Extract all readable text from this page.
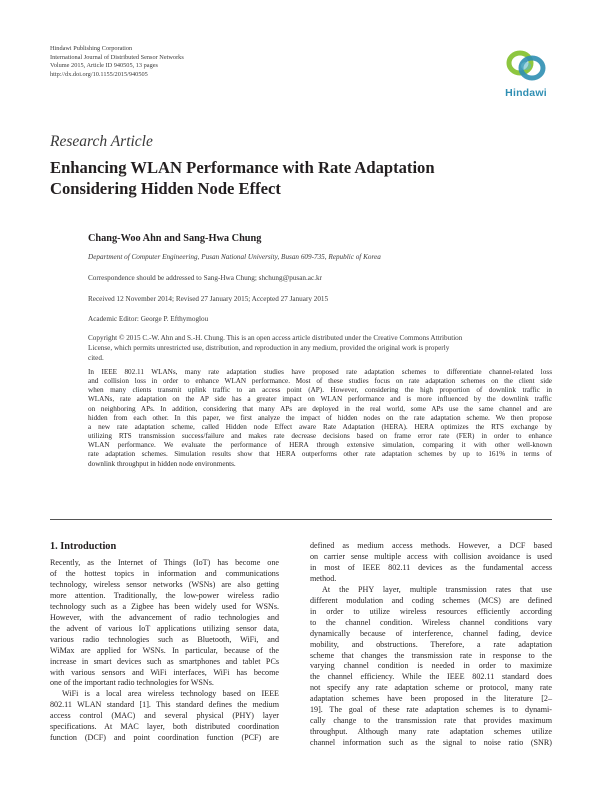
Hindawi Publishing Corporation
International Journal of Distributed Sensor Networks
Volume 2015, Article ID 940505, 13 pages
http://dx.doi.org/10.1155/2015/940505
Hindawi
Research Article
Enhancing WLAN Performance with Rate Adaptation
Considering Hidden Node Effect
Chang-Woo Ahn and Sang-Hwa Chung
Department of Computer Engineering, Pusan National University, Busan 609-735, Republic of Korea
Correspondence should be addressed to Sang-Hwa Chung; shchung@pusan.ac.kr
Received 12 November 2014; Revised 27 January 2015; Accepted 27 January 2015
Academic Editor: George P. Efthymoglou
Copyright © 2015 C.-W. Ahn and S.-H. Chung. This is an open access article distributed under the Creative Commons Attribution
License, which permits unrestricted use, distribution, and reproduction in any medium, provided the original work is properly
cited.
In IEEE 802.11 WLANs, many rate adaptation studies have proposed rate adaptation schemes to differentiate channel-related loss
and collision loss in order to enhance WLAN performance. Most of these studies focus on rate adaptation schemes on the client side
when many clients transmit uplink traffic to an access point (AP). However, considering the high proportion of downlink traffic in
WLANs, rate adaptation on the AP side has a greater impact on WLAN performance and is more influenced by the downlink traffic
on neighboring APs. In addition, considering that many APs are deployed in the real world, some APs use the same channel and are
hidden from each other. In this paper, we first analyze the impact of hidden nodes on the rate adaptation scheme. We then propose
a new rate adaptation scheme, called Hidden node Effect aware Rate Adaptation (HERA). HERA optimizes the RTS exchange by
utilizing RTS transmission success/failure and makes rate decrease decisions based on frame error rate (FER) in order to enhance
WLAN performance. We evaluate the performance of HERA through extensive simulation, comparing it with other well-known
rate adaptation schemes. Simulation results show that HERA outperforms other rate adaptation schemes by up to 161% in terms of
downlink throughput in hidden node environments.
1. Introduction
Recently, as the Internet of Things (IoT) has become one
of the hottest topics in information and communications
technology, wireless sensor networks (WSNs) are also getting
more attention. Traditionally, the low-power wireless radio
technology such as a Zigbee has been widely used for WSNs.
However, with the advancement of radio technologies and
the advent of various IoT applications utilizing sensor data,
various radio technologies such as Bluetooth, WiFi, and
WiMax are applied for WSNs. In particular, because of the
increase in smart devices such as smartphones and tablet PCs
with various sensors and WiFi interfaces, WiFi has become
one of the important radio technologies for WSNs.
WiFi is a local area wireless technology based on IEEE
802.11 WLAN standard [1]. This standard defines the medium
access control (MAC) and several physical (PHY) layer
specifications. At MAC layer, both distributed coordination
function (DCF) and point coordination function (PCF) are
defined as medium access methods. However, a DCF based
on carrier sense multiple access with collision avoidance is used
in most of IEEE 802.11 devices as the fundamental access
method.
At the PHY layer, multiple transmission rates that use
different modulation and coding schemes (MCS) are defined
in order to utilize wireless resources efficiently according
to the channel condition. Wireless channel conditions vary
dynamically because of interference, channel fading, device
mobility, and obstructions. Therefore, a rate adaptation
scheme that changes the transmission rate in response to the
varying channel condition is needed in order to maximize
the channel efficiency. While the IEEE 802.11 standard does
not specify any rate adaptation scheme or protocol, many rate
adaptation schemes have been proposed in the literature [2–
19]. The goal of these rate adaptation schemes is to dynami-
cally change to the transmission rate that provides maximum
throughput. Although many rate adaptation schemes utilize
channel information such as the signal to noise ratio (SNR)
